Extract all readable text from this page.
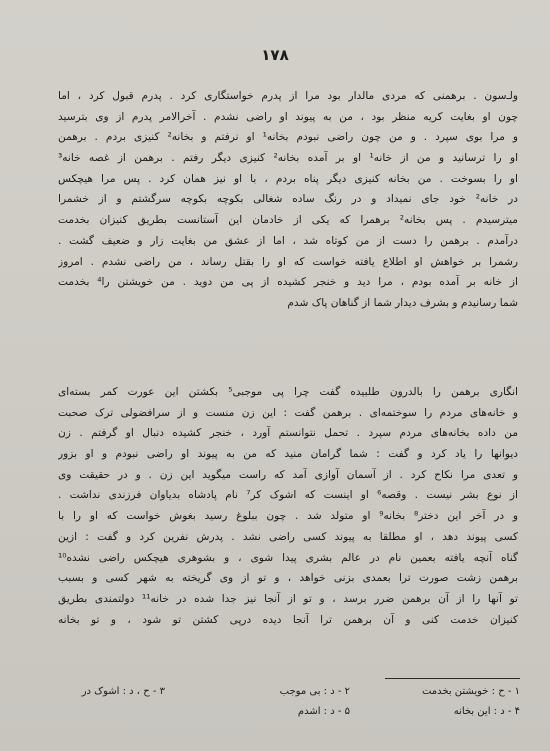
۱۷۸
ولـ‌سون . برهمنی که مردی مالدار بود مرا از پدرم خواستگاری کرد . پدرم قبول کرد ، اما
چون او بغایت کریه منظر بود ، من به پیوند او راضی نشدم . آخرالامر پدرم از وی بترسید
و مرا بوی سپرد . و من چون راضی نبودم بخانه¹ او نرفتم و بخانه² کنیزی بردم . برهمن
او را ترسانید و من از خانه¹ او بر آمده بخانه² کنیزی دیگر رفتم . برهمن از غصه خانه³
او را بسوخت . من بخانه کنیزی دیگر پناه بردم ، با او نیز همان کرد . پس مرا هیچکس
در خانه² خود جای نمیداد و در رنگ ساده شغالی بکوچه بکوچه سرگشتم و از خشمرا
میترسیدم . پس بخانه² برهمرا که یکی از خادمان این آستانست بطریق کنیزان بخدمت
درآمدم . برهمن را دست از من کوتاه شد ، اما از عشق من بغایت زار و ضعیف گشت .
رشمرا بر خواهش او اطلاع یافته خواست که او را بقتل رساند ، من راضی نشدم . امروز
از خانه بر آمده بودم ، مرا دید و خنجر کشیده از پی من دوید . من خویشتن را⁴ بخدمت
شما رسانیدم و بشرف دیدار شما از گناهان پاک شدم
انگاری برهمن را بالدرون طلبیده گفت چرا پی موجبی⁵ بکشتن این عورت کمر بسته‌ای
و خانه‌های مردم را سوختمه‌ای . برهمن گفت : این زن منست و از سرافضولی ترک صحبت
من داده بخانه‌های مردم سپرد . تحمل نتوانستم آورد ، خنجر کشیده دنبال او گرفتم . زن
دیوانها را یاد کرد و گفت : شما گرامان منید که من به پیوند او راضی نبودم و او بزور
و تعدی مرا نکاح کرد . از آسمان آوازی آمد که راست میگوید این زن . و در حقیقت وی
از نوع بشر نیست . وقصه⁶ او اینست که اشوک کر⁷ نام پادشاه بدیاوان فرزندی نداشت .
و در آخر این دختر⁸ بخانه⁹ او متولد شد . چون ببلوغ رسید بغوش خواست که او را با
کسی پیوند دهد ، او مطلقا به پیوند کسی راضی نشد . پدرش نفرین کرد و گفت : ازین
گناه آنچه یافته بعمین نام در عالم بشری پیدا شوی ، و بشوهری هیچکس راضی نشده¹⁰
برهمن زشت صورت ترا بعمدی بزنی خواهد ، و تو از وی گریخته به شهر کسی و بسبب
تو آنها را از آن برهمن ضرر برسد ، و تو از آنجا نیز جدا شده در خانه¹¹ دولتمندی بطریق
کنیزان خدمت کنی و آن برهمن ترا آنجا دیده درپی کشتن تو شود ، و تو بخانه
۱ - ح : خویشتن بخدمت
۲ - د : بی موجب
۳ - ح ، د : اشوک در
۴ - د : این بخانه
۵ - د : اشدم
